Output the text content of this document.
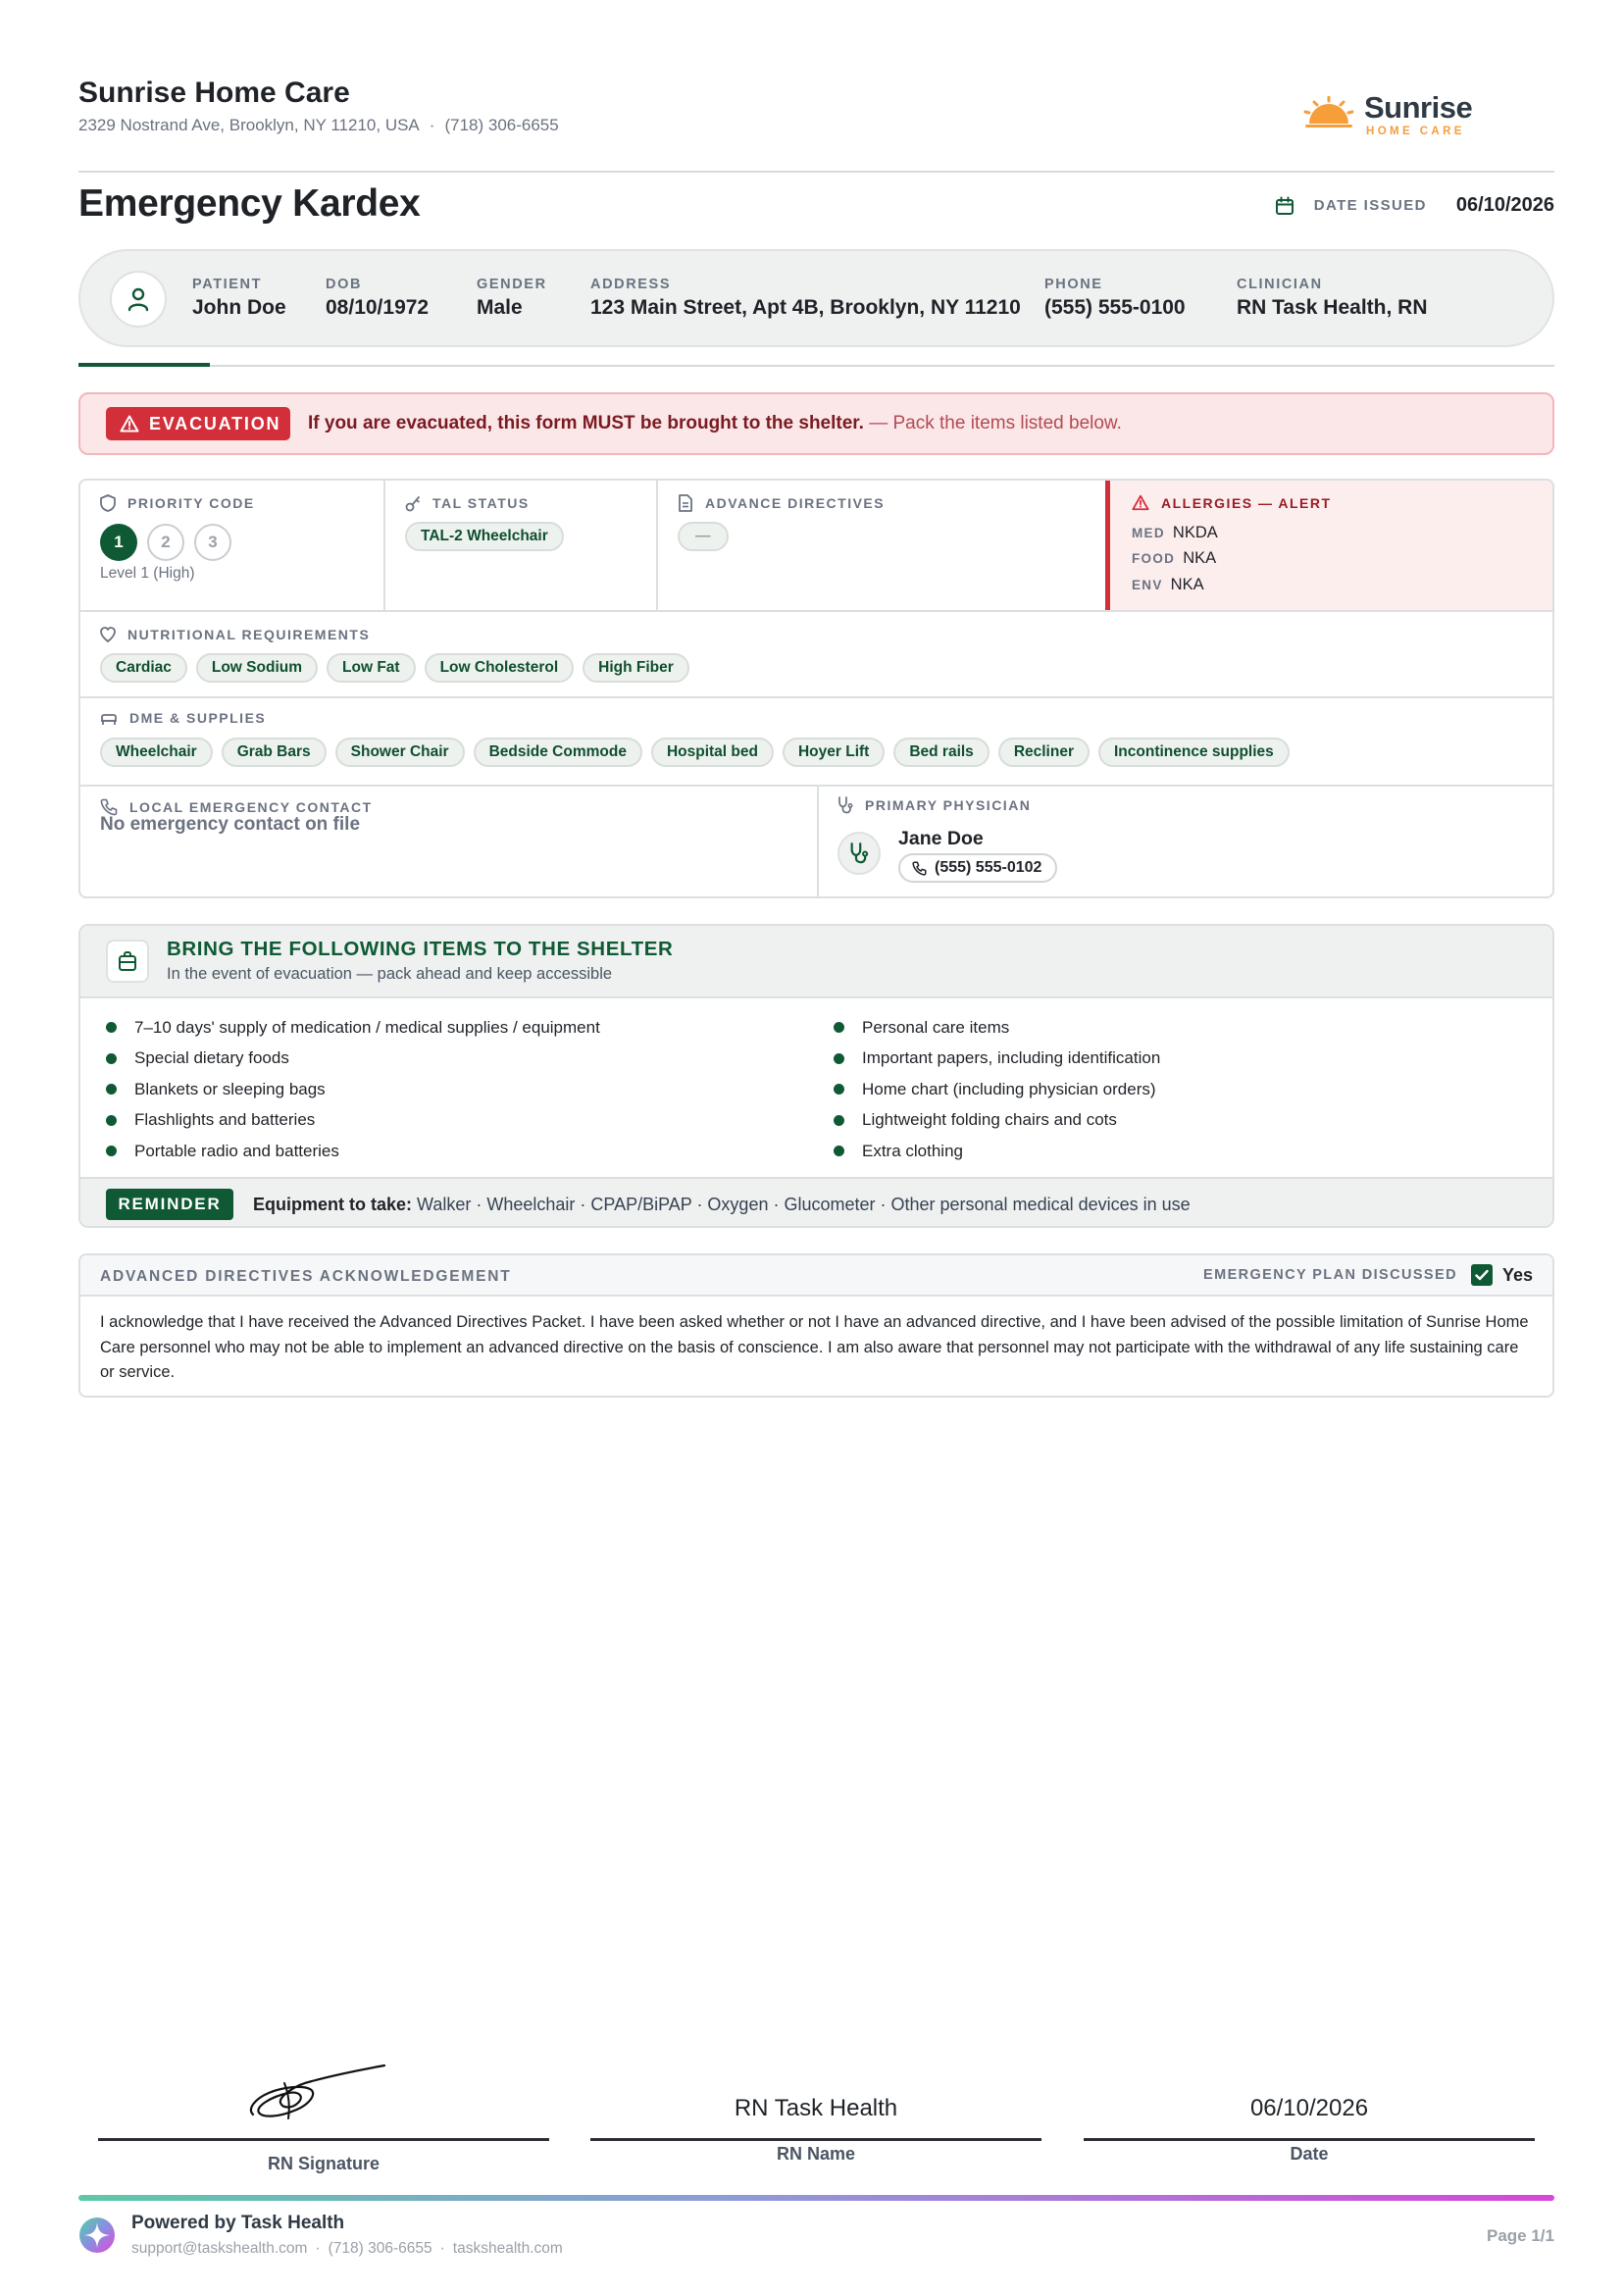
Sunrise Home Care
2329 Nostrand Ave, Brooklyn, NY 11210, USA · (718) 306-6655
Sunrise
HOME CARE
Emergency Kardex	DATE ISSUED 06/10/2026
PATIENT
John Doe
DOB
08/10/1972
GENDER
Male
ADDRESS
123 Main Street, Apt 4B, Brooklyn, NY 11210
PHONE
(555) 555-0100
CLINICIAN
RN Task Health, RN
EVACUATION If you are evacuated, this form MUST be brought to the shelter. — Pack the items listed below.
PRIORITY CODE
1	2	3
Level 1 (High)
TAL STATUS
TAL-2 Wheelchair
ADVANCE DIRECTIVES
—
ALLERGIES — ALERT
MED NKDA
FOOD NKA
ENV NKA
NUTRITIONAL REQUIREMENTS
Cardiac	Low Sodium	Low Fat	Low Cholesterol	High Fiber
DME & SUPPLIES
Wheelchair	Grab Bars	Shower Chair	Bedside Commode	Hospital bed	Hoyer Lift	Bed rails	Recliner	Incontinence supplies
LOCAL EMERGENCY CONTACT
No emergency contact on file
PRIMARY PHYSICIAN
Jane Doe
(555) 555-0102
BRING THE FOLLOWING ITEMS TO THE SHELTER
In the event of evacuation — pack ahead and keep accessible
7–10 days' supply of medication / medical supplies / equipment
Special dietary foods
Blankets or sleeping bags
Flashlights and batteries
Portable radio and batteries
Personal care items
Important papers, including identification
Home chart (including physician orders)
Lightweight folding chairs and cots
Extra clothing
REMINDER	Equipment to take: Walker · Wheelchair · CPAP/BiPAP · Oxygen · Glucometer · Other personal medical devices in use
ADVANCED DIRECTIVES ACKNOWLEDGEMENT	EMERGENCY PLAN DISCUSSED	Yes
I acknowledge that I have received the Advanced Directives Packet. I have been asked whether or not I have an advanced directive, and I have been advised of the possible limitation of Sunrise Home Care personnel who may not be able to implement an advanced directive on the basis of conscience. I am also aware that personnel may not participate with the withdrawal of any life sustaining care or service.
RN Signature
RN Task Health
RN Name
06/10/2026
Date
Powered by Task Health
support@taskshealth.com · (718) 306-6655 · taskshealth.com
Page 1/1
